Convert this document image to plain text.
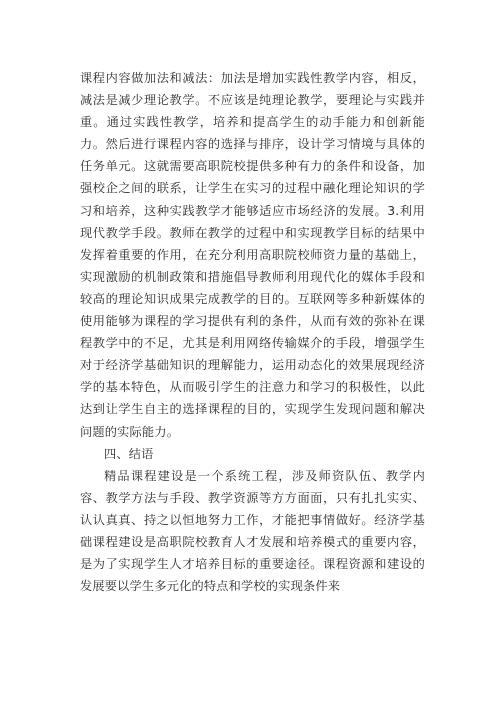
课程内容做加法和减法：加法是增加实践性教学内容，相反，减法是减少理论教学。不应该是纯理论教学，要理论与实践并重。通过实践性教学，培养和提高学生的动手能力和创新能力。然后进行课程内容的选择与排序，设计学习情境与具体的任务单元。这就需要高职院校提供多种有力的条件和设备，加强校企之间的联系，让学生在实习的过程中融化理论知识的学习和培养，这种实践教学才能够适应市场经济的发展。3.利用现代教学手段。教师在教学的过程中和实现教学目标的结果中发挥着重要的作用，在充分利用高职院校师资力量的基础上，实现激励的机制政策和措施倡导教师利用现代化的媒体手段和较高的理论知识成果完成教学的目的。互联网等多种新媒体的使用能够为课程的学习提供有利的条件，从而有效的弥补在课程教学中的不足，尤其是利用网络传输媒介的手段，增强学生对于经济学基础知识的理解能力，运用动态化的效果展现经济学的基本特色，从而吸引学生的注意力和学习的积极性，以此达到让学生自主的选择课程的目的，实现学生发现问题和解决问题的实际能力。

四、结语

精品课程建设是一个系统工程，涉及师资队伍、教学内容、教学方法与手段、教学资源等方方面面，只有扎扎实实、认认真真、持之以恒地努力工作，才能把事情做好。经济学基础课程建设是高职院校教育人才发展和培养模式的重要内容，是为了实现学生人才培养目标的重要途径。课程资源和建设的发展要以学生多元化的特点和学校的实现条件来
